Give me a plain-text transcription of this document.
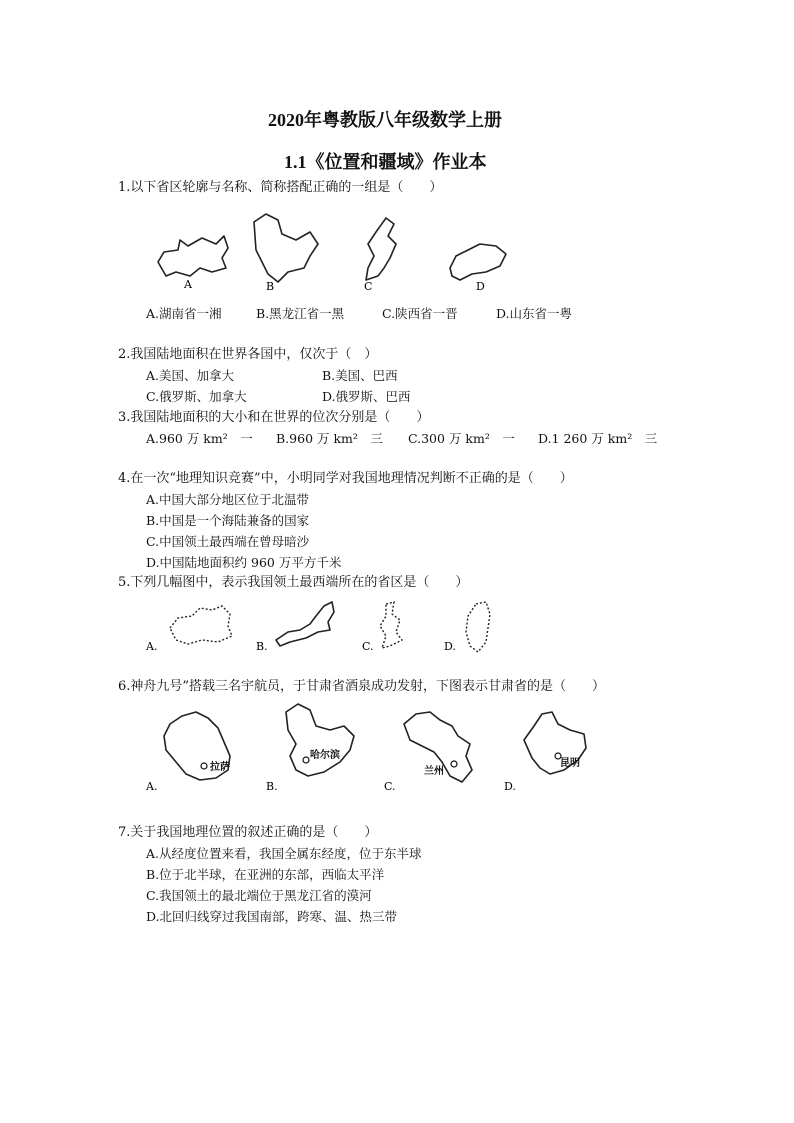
2020年粤教版八年级数学上册
1.1《位置和疆域》作业本
1.以下省区轮廓与名称、简称搭配正确的一组是（　　）
A	B	C	D
A.湖南省一湘	B.黑龙江省一黑	C.陕西省一晋	D.山东省一粤
2.我国陆地面积在世界各国中，仅次于（　）
A.美国、加拿大	B.美国、巴西
C.俄罗斯、加拿大	D.俄罗斯、巴西
3.我国陆地面积的大小和在世界的位次分别是（　　）
A.960 万 km²　一 B.960 万 km²　三 C.300 万 km²　一 D.1 260 万 km²　三
4.在一次“地理知识竞赛”中，小明同学对我国地理情况判断不正确的是（　　）
A.中国大部分地区位于北温带
B.中国是一个海陆兼备的国家
C.中国领土最西端在曾母暗沙
D.中国陆地面积约 960 万平方千米
5.下列几幅图中，表示我国领土最西端所在的省区是（　　）
A.	B.	C.	D.
6.神舟九号”搭载三名宇航员，于甘肃省酒泉成功发射，下图表示甘肃省的是（　　）
A.
拉萨
B.
哈尔滨
C.
兰州
D.
昆明
7.关于我国地理位置的叙述正确的是（　　）
A.从经度位置来看，我国全属东经度，位于东半球
B.位于北半球，在亚洲的东部，西临太平洋
C.我国领土的最北端位于黑龙江省的漠河
D.北回归线穿过我国南部，跨寒、温、热三带
